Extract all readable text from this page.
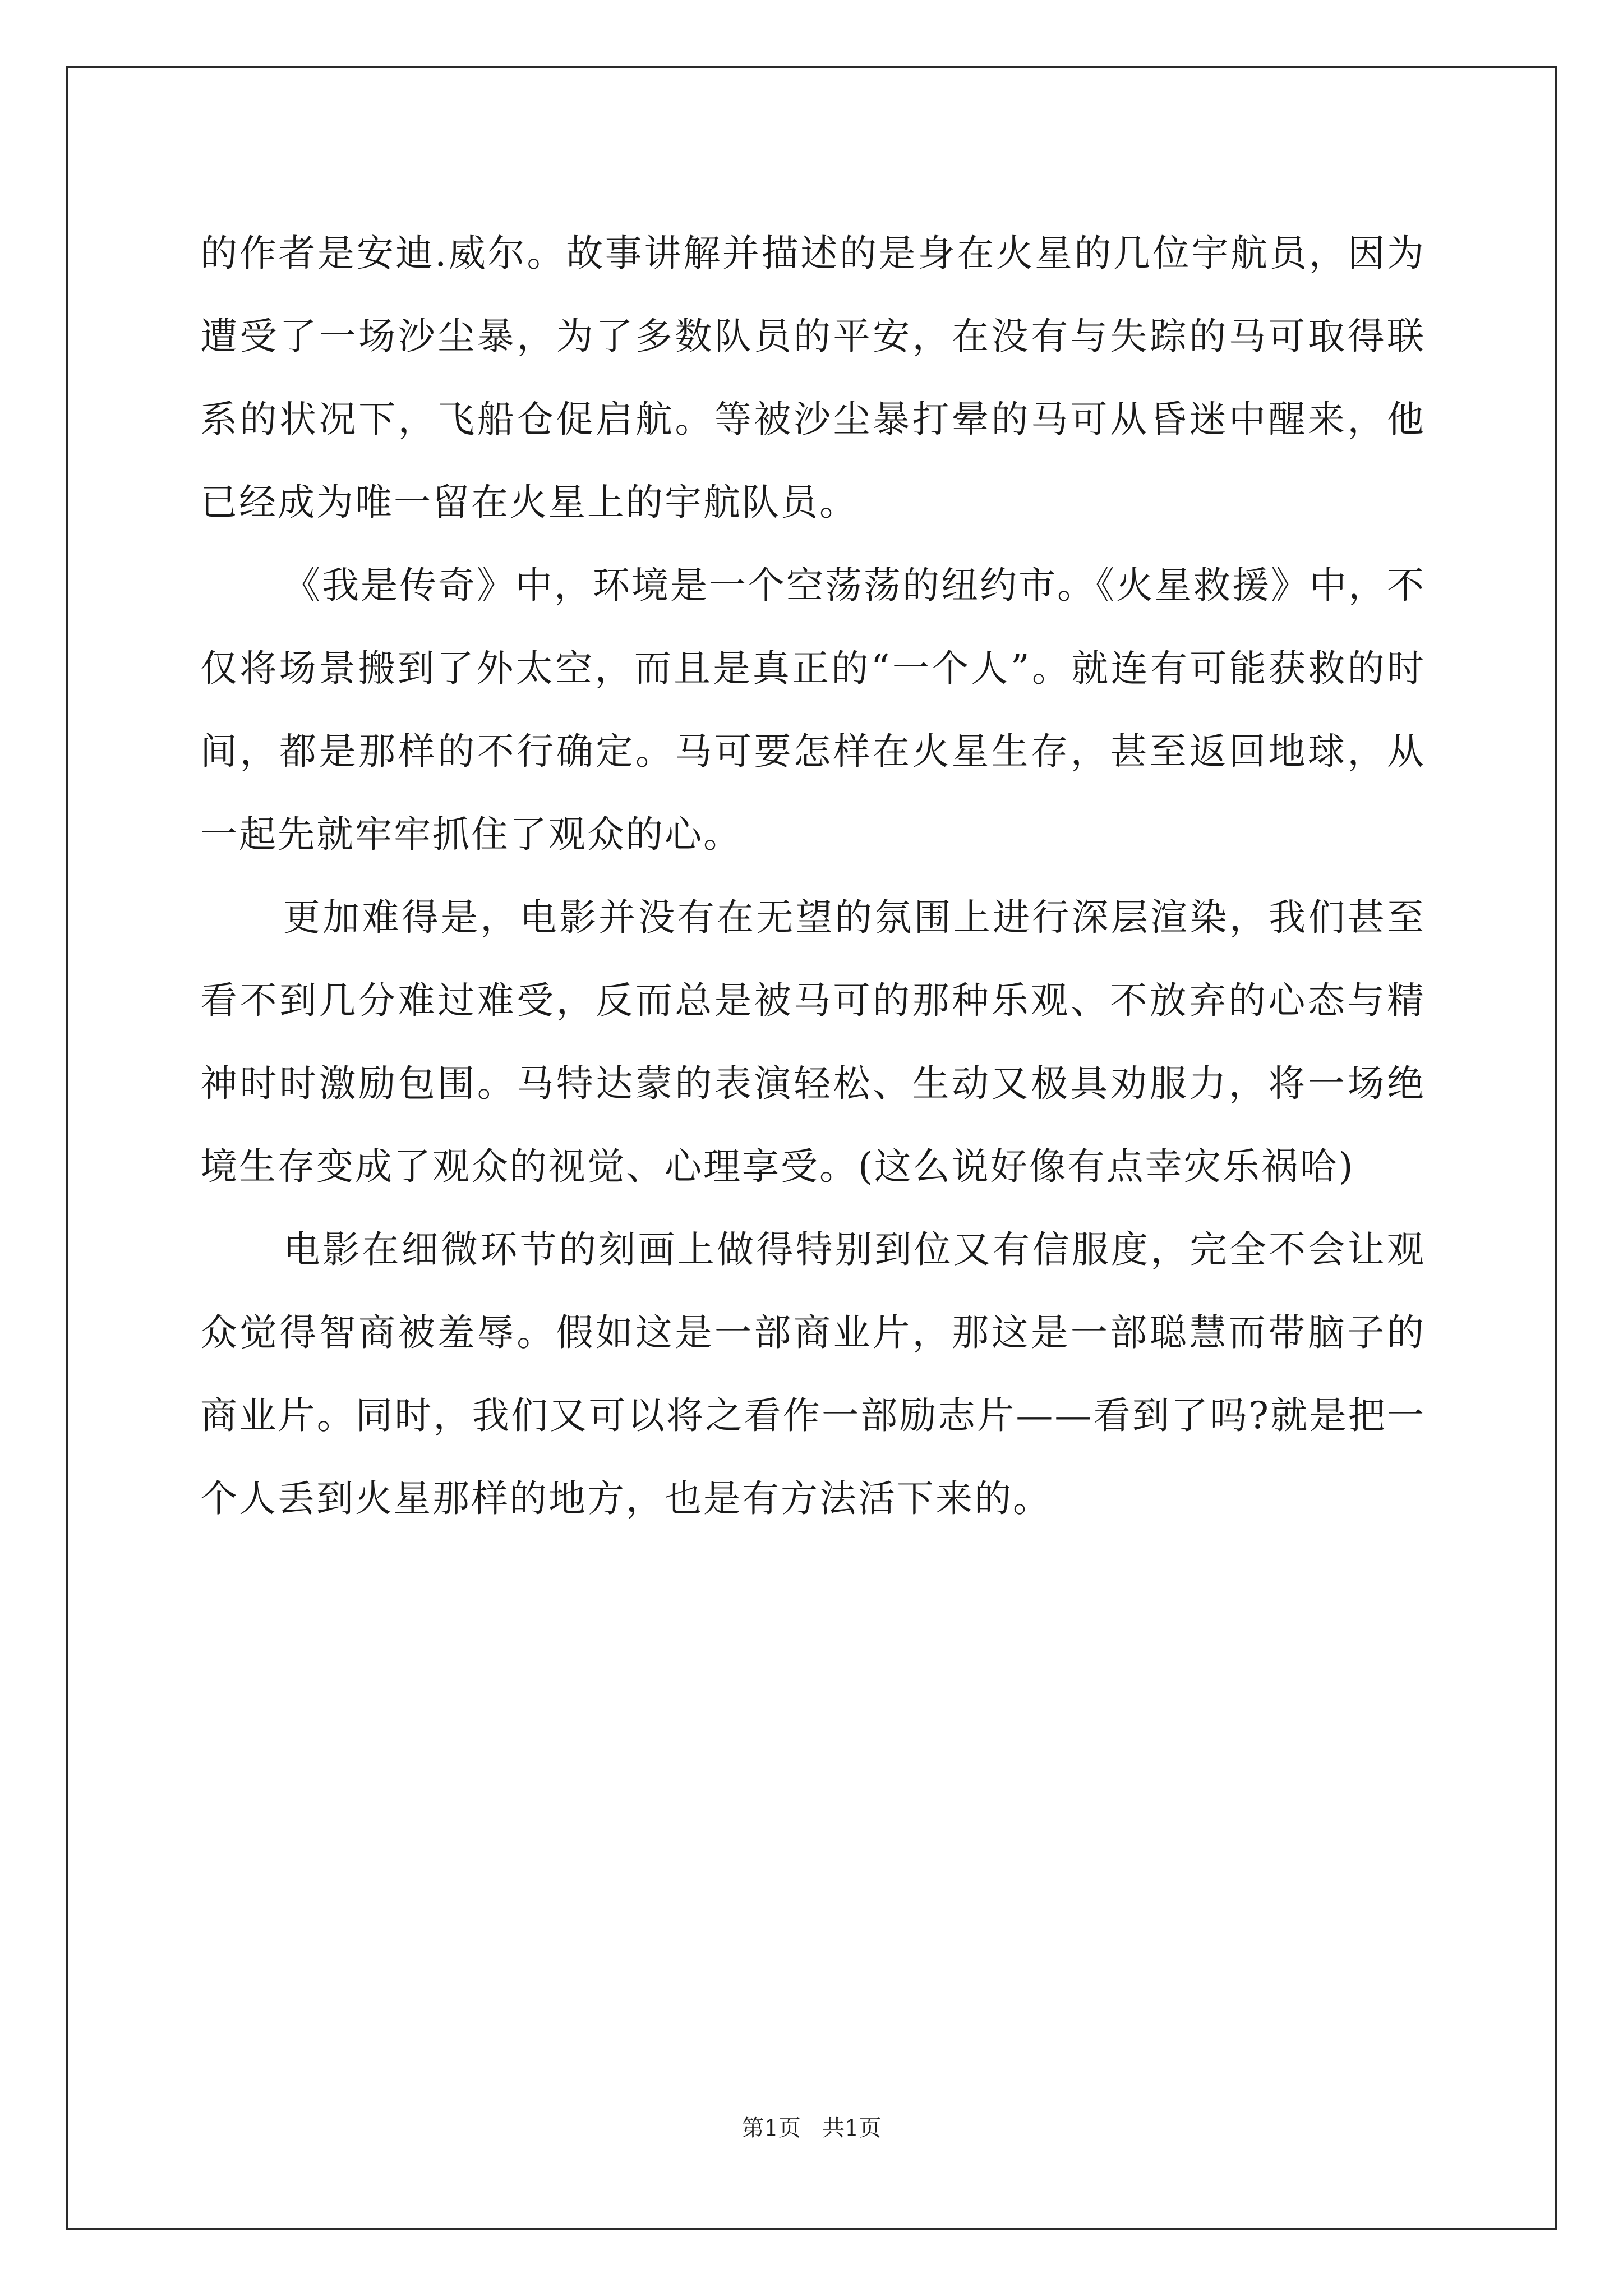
的作者是安迪.威尔。故事讲解并描述的是身在火星的几位宇航员，因为遭受了一场沙尘暴，为了多数队员的平安，在没有与失踪的马可取得联系的状况下，飞船仓促启航。等被沙尘暴打晕的马可从昏迷中醒来，他已经成为唯一留在火星上的宇航队员。

《我是传奇》中，环境是一个空荡荡的纽约市。《火星救援》中，不仅将场景搬到了外太空，而且是真正的“一个人”。就连有可能获救的时间，都是那样的不行确定。马可要怎样在火星生存，甚至返回地球，从一起先就牢牢抓住了观众的心。

更加难得是，电影并没有在无望的氛围上进行深层渲染，我们甚至看不到几分难过难受，反而总是被马可的那种乐观、不放弃的心态与精神时时激励包围。马特达蒙的表演轻松、生动又极具劝服力，将一场绝境生存变成了观众的视觉、心理享受。(这么说好像有点幸灾乐祸哈)

电影在细微环节的刻画上做得特别到位又有信服度，完全不会让观众觉得智商被羞辱。假如这是一部商业片，那这是一部聪慧而带脑子的商业片。同时，我们又可以将之看作一部励志片——看到了吗?就是把一个人丢到火星那样的地方，也是有方法活下来的。

第1页   共1页
